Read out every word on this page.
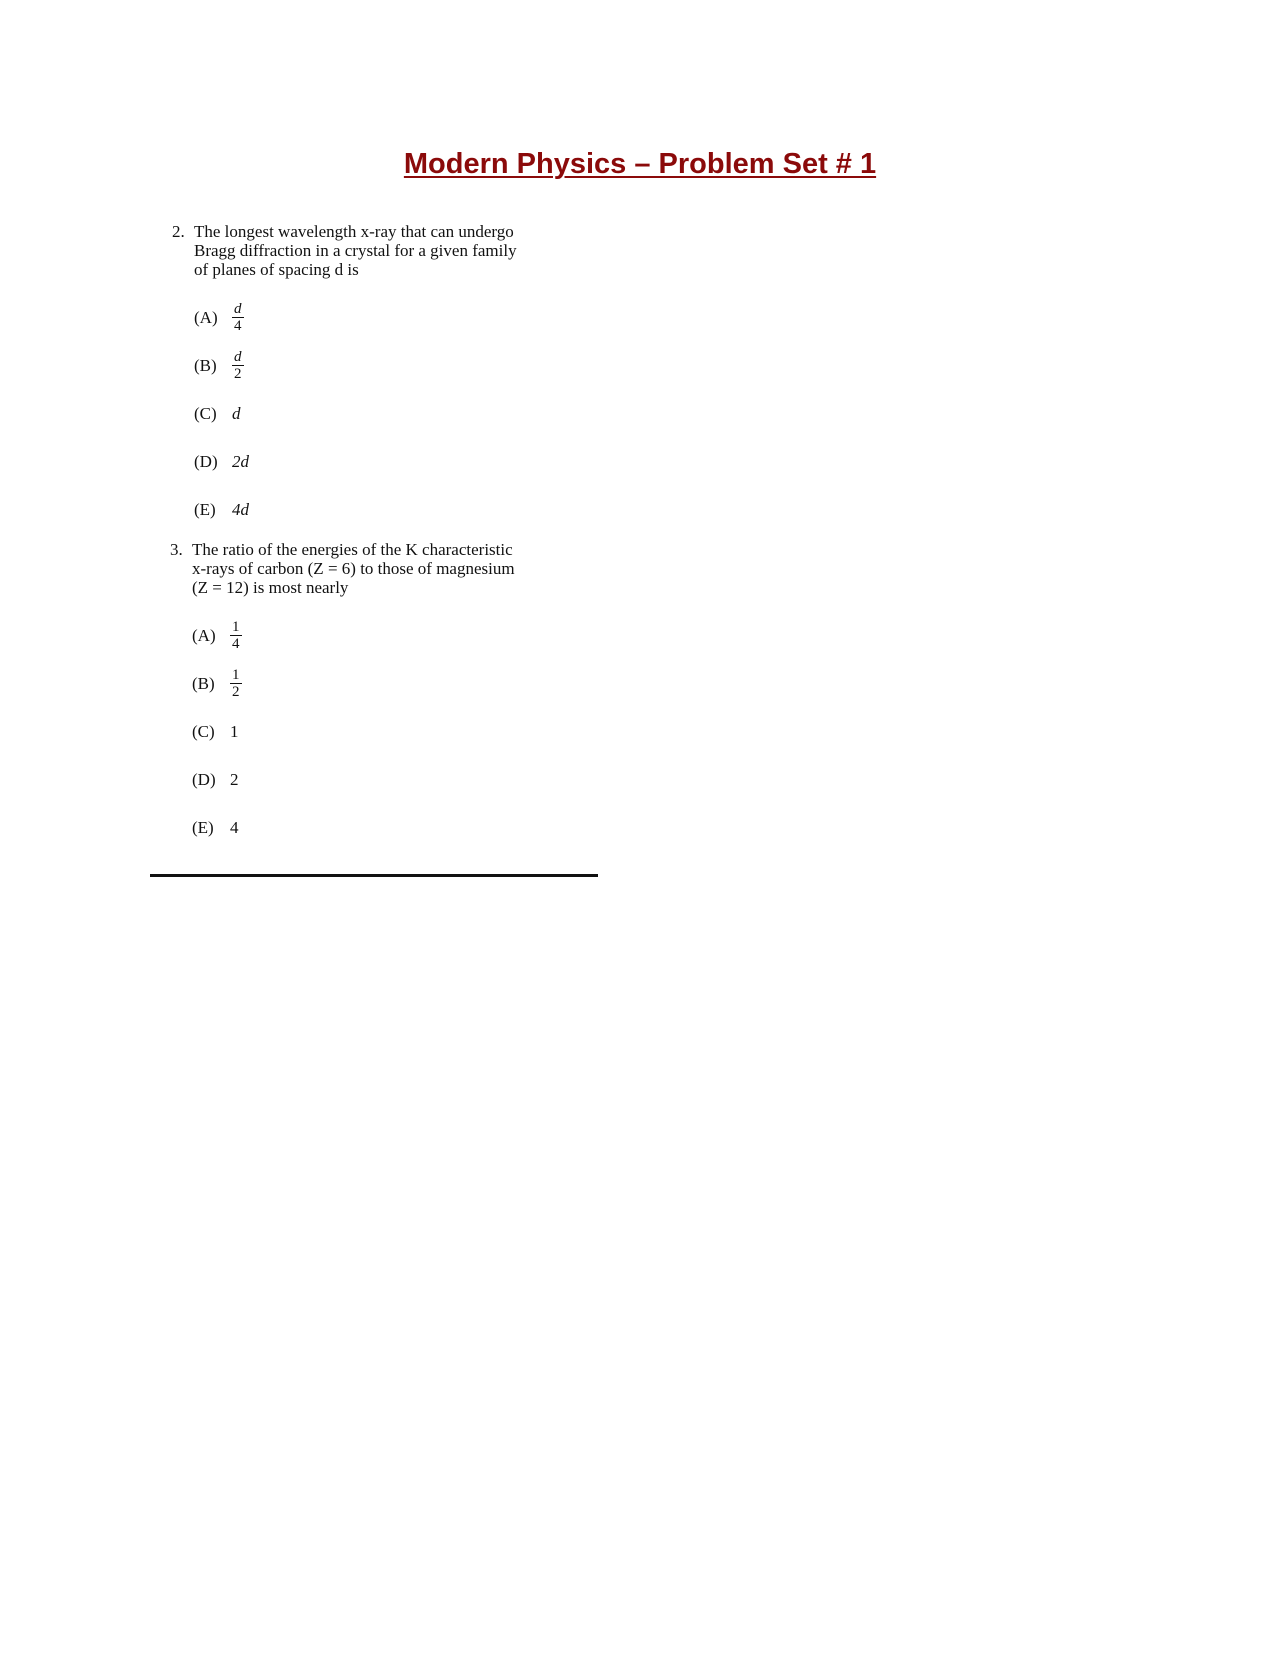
Modern Physics – Problem Set # 1
2. The longest wavelength x-ray that can undergo
Bragg diffraction in a crystal for a given family
of planes of spacing d is

$(A) \frac{d}{4}$
(B)	$\frac{d}{2}$
(C) d
(D) 2d
(E) 4d
3. The ratio of the energies of the K characteristic
x-rays of carbon (Z = 6) to those of magnesium
(Z = 12) is most nearly

$(A) \frac{1}{4}$
(B)	$\frac{1}{2}$
(C) 1
(D) 2
(E) 4
